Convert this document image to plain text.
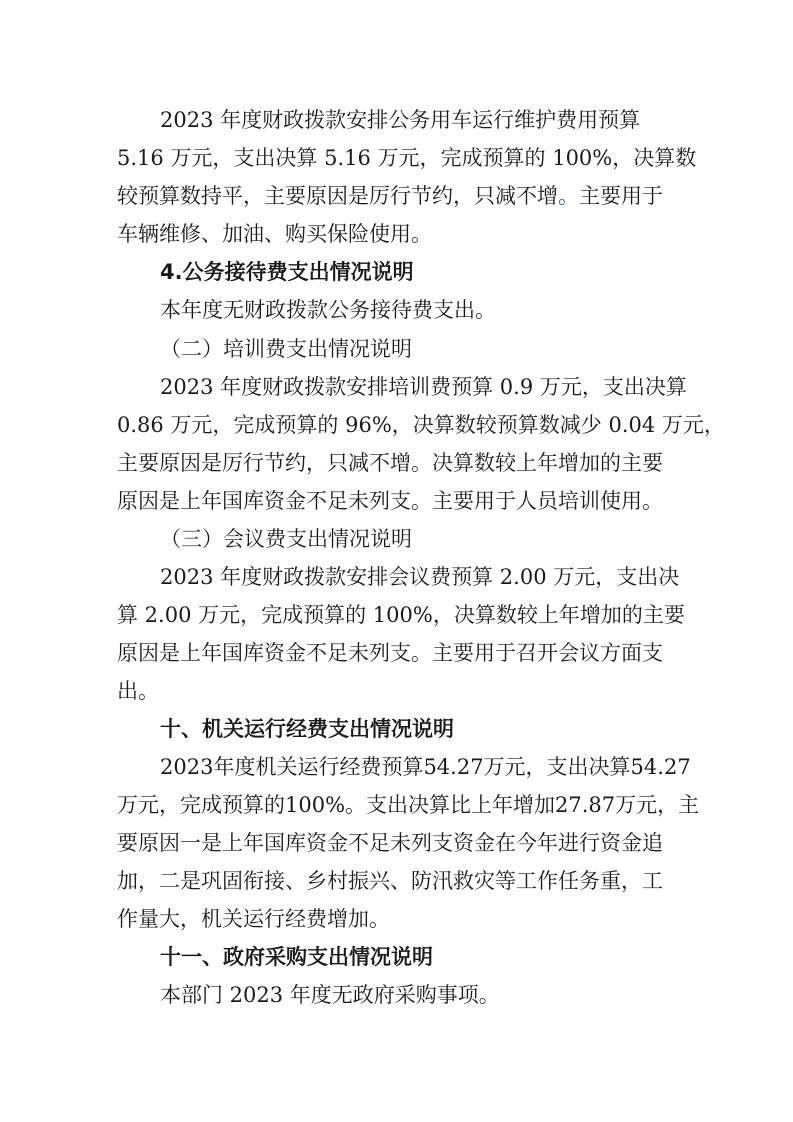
2023 年度财政拨款安排公务用车运行维护费用预算
5.16 万元，支出决算 5.16 万元，完成预算的 100%，决算数
较预算数持平，主要原因是厉行节约，只减不增。主要用于
车辆维修、加油、购买保险使用。
4.公务接待费支出情况说明
本年度无财政拨款公务接待费支出。
（二）培训费支出情况说明
2023 年度财政拨款安排培训费预算 0.9 万元，支出决算
0.86 万元，完成预算的 96%，决算数较预算数减少 0.04 万元，
主要原因是厉行节约，只减不增。决算数较上年增加的主要
原因是上年国库资金不足未列支。主要用于人员培训使用。
（三）会议费支出情况说明
2023 年度财政拨款安排会议费预算 2.00 万元，支出决
算 2.00 万元，完成预算的 100%，决算数较上年增加的主要
原因是上年国库资金不足未列支。主要用于召开会议方面支
出。
十、机关运行经费支出情况说明
2023年度机关运行经费预算54.27万元，支出决算54.27
万元，完成预算的100%。支出决算比上年增加27.87万元，主
要原因一是上年国库资金不足未列支资金在今年进行资金追
加，二是巩固衔接、乡村振兴、防汛救灾等工作任务重，工
作量大，机关运行经费增加。
十一、政府采购支出情况说明
本部门 2023 年度无政府采购事项。
